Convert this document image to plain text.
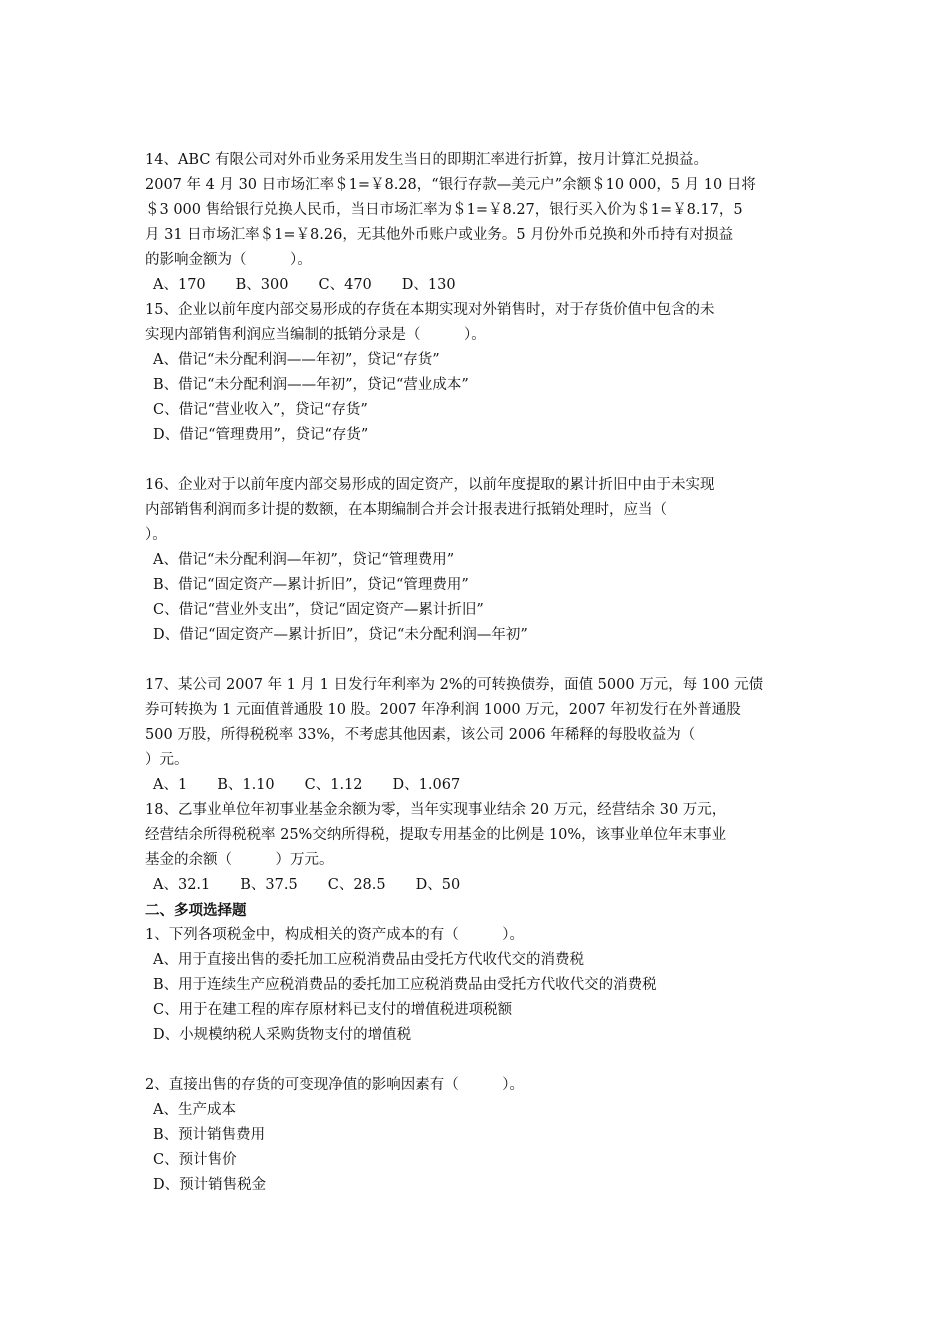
14、ABC 有限公司对外币业务采用发生当日的即期汇率进行折算，按月计算汇兑损益。
2007 年 4 月 30 日市场汇率＄1=￥8.28，“银行存款—美元户”余额＄10 000，5 月 10 日将
＄3 000 售给银行兑换人民币，当日市场汇率为＄1=￥8.27，银行买入价为＄1=￥8.17，5
月 31 日市场汇率＄1=￥8.26，无其他外币账户或业务。5 月份外币兑换和外币持有对损益
的影响金额为（　　　）。
A、170 B、300 C、470 D、130
15、企业以前年度内部交易形成的存货在本期实现对外销售时，对于存货价值中包含的未
实现内部销售利润应当编制的抵销分录是（　　　）。
A、借记“未分配利润——年初”，贷记“存货”
B、借记“未分配利润——年初”，贷记“营业成本”
C、借记“营业收入”，贷记“存货”
D、借记“管理费用”，贷记“存货”
16、企业对于以前年度内部交易形成的固定资产，以前年度提取的累计折旧中由于未实现
内部销售利润而多计提的数额，在本期编制合并会计报表进行抵销处理时，应当（
）。
A、借记“未分配利润—年初”，贷记“管理费用”
B、借记“固定资产—累计折旧”，贷记“管理费用”
C、借记“营业外支出”，贷记“固定资产—累计折旧”
D、借记“固定资产—累计折旧”，贷记“未分配利润—年初”
17、某公司 2007 年 1 月 1 日发行年利率为 2%的可转换债券，面值 5000 万元，每 100 元债
券可转换为 1 元面值普通股 10 股。2007 年净利润 1000 万元，2007 年初发行在外普通股
500 万股，所得税税率 33%，不考虑其他因素，该公司 2006 年稀释的每股收益为（
）元。
A、1 B、1.10 C、1.12 D、1.067
18、乙事业单位年初事业基金余额为零，当年实现事业结余 20 万元，经营结余 30 万元，
经营结余所得税税率 25%交纳所得税，提取专用基金的比例是 10%，该事业单位年末事业
基金的余额（　　　）万元。
A、32.1 B、37.5 C、28.5 D、50
二、多项选择题
1、下列各项税金中，构成相关的资产成本的有（　　　）。
A、用于直接出售的委托加工应税消费品由受托方代收代交的消费税
B、用于连续生产应税消费品的委托加工应税消费品由受托方代收代交的消费税
C、用于在建工程的库存原材料已支付的增值税进项税额
D、小规模纳税人采购货物支付的增值税
2、直接出售的存货的可变现净值的影响因素有（　　　）。
A、生产成本
B、预计销售费用
C、预计售价
D、预计销售税金
